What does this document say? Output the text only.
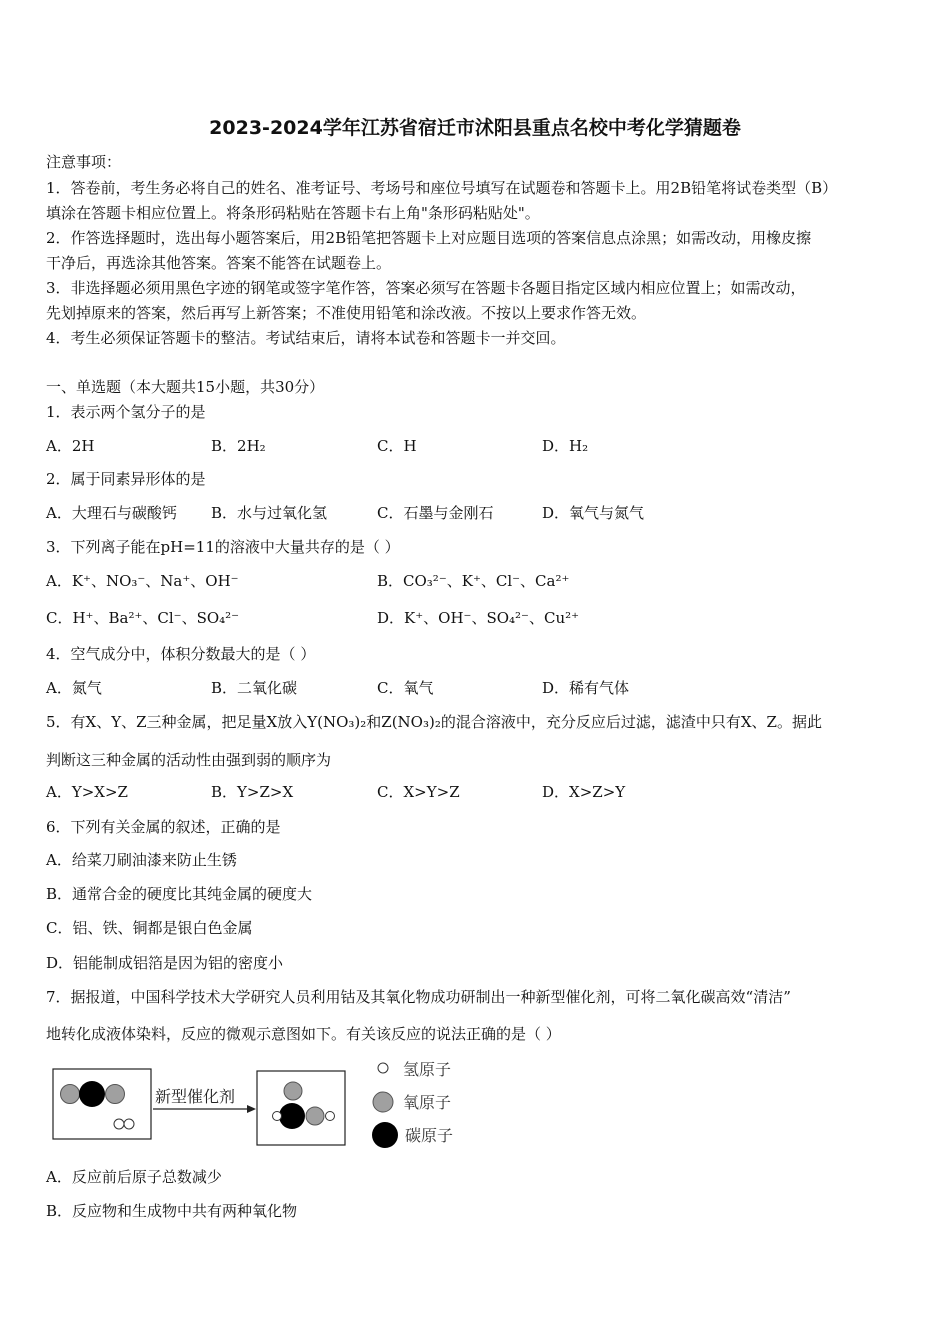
2023-2024学年江苏省宿迁市沭阳县重点名校中考化学猜题卷
注意事项：
1．答卷前，考生务必将自己的姓名、准考证号、考场号和座位号填写在试题卷和答题卡上。用2B铅笔将试卷类型（B）
填涂在答题卡相应位置上。将条形码粘贴在答题卡右上角"条形码粘贴处"。
2．作答选择题时，选出每小题答案后，用2B铅笔把答题卡上对应题目选项的答案信息点涂黑；如需改动，用橡皮擦
干净后，再选涂其他答案。答案不能答在试题卷上。
3．非选择题必须用黑色字迹的钢笔或签字笔作答，答案必须写在答题卡各题目指定区域内相应位置上；如需改动，
先划掉原来的答案，然后再写上新答案；不准使用铅笔和涂改液。不按以上要求作答无效。
4．考生必须保证答题卡的整洁。考试结束后，请将本试卷和答题卡一并交回。
一、单选题（本大题共15小题，共30分）
1．表示两个氢分子的是
A．2H	B．2H₂	C．H	D．H₂
2．属于同素异形体的是
A．大理石与碳酸钙 B．水与过氧化氢	C．石墨与金刚石	D．氧气与氮气
3．下列离子能在pH=11的溶液中大量共存的是（ ）
A．K⁺、NO₃⁻、Na⁺、OH⁻	B．CO₃²⁻、K⁺、Cl⁻、Ca²⁺
C．H⁺、Ba²⁺、Cl⁻、SO₄²⁻	D．K⁺、OH⁻、SO₄²⁻、Cu²⁺
4．空气成分中，体积分数最大的是（ ）
A．氮气	B．二氧化碳	C．氧气	D．稀有气体
5．有X、Y、Z三种金属，把足量X放入Y(NO₃)₂和Z(NO₃)₂的混合溶液中，充分反应后过滤，滤渣中只有X、Z。据此
判断这三种金属的活动性由强到弱的顺序为
A．Y>X>Z	B．Y>Z>X	C．X>Y>Z	D．X>Z>Y
6．下列有关金属的叙述，正确的是
A．给菜刀刷油漆来防止生锈
B．通常合金的硬度比其纯金属的硬度大
C．铝、铁、铜都是银白色金属
D．铝能制成铝箔是因为铝的密度小
7．据报道，中国科学技术大学研究人员利用钴及其氧化物成功研制出一种新型催化剂，可将二氧化碳高效“清洁”
地转化成液体染料，反应的微观示意图如下。有关该反应的说法正确的是（ ）
新型催化剂
氢原子
氧原子
碳原子
A．反应前后原子总数减少
B．反应物和生成物中共有两种氧化物
